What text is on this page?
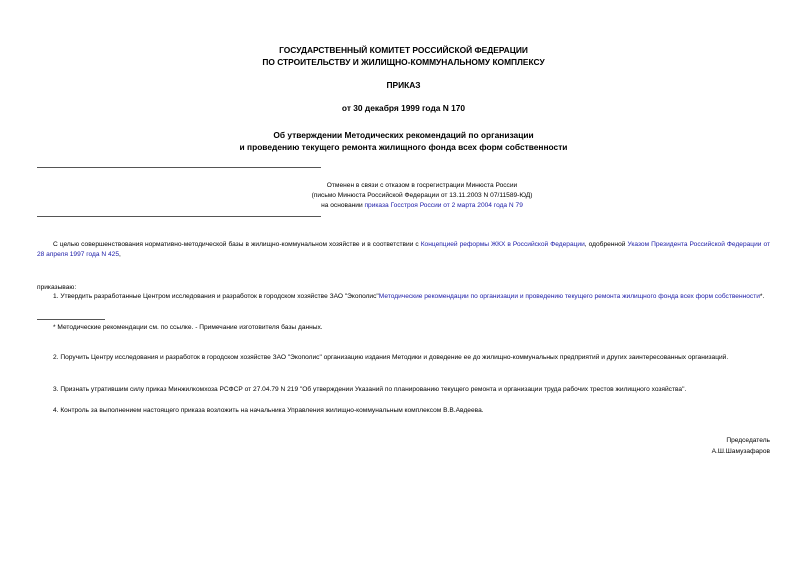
ГОСУДАРСТВЕННЫЙ КОМИТЕТ РОССИЙСКОЙ ФЕДЕРАЦИИ
ПО СТРОИТЕЛЬСТВУ И ЖИЛИЩНО-КОММУНАЛЬНОМУ КОМПЛЕКСУ
ПРИКАЗ
от 30 декабря 1999 года N 170
Об утверждении Методических рекомендаций по организации
и проведению текущего ремонта жилищного фонда всех форм собственности
Отменен в связи с отказом в госрегистрации Минюста России
(письмо Минюста Российской Федерации от 13.11.2003 N 07/11589-ЮД)
на основании приказа Госстроя России от 2 марта 2004 года N 79

С целью совершенствования нормативно-методической базы в жилищно-коммунальном хозяйстве и в соответствии с Концепцией реформы ЖКХ в Российской Федерации, одобренной Указом Президента Российской Федерации от 28 апреля 1997 года N 425,

приказываю:

1. Утвердить разработанные Центром исследования и разработок в городском хозяйстве ЗАО "Экополис"Методические рекомендации по организации и проведению текущего ремонта жилищного фонда всех форм собственности*.

* Методические рекомендации см. по ссылке. - Примечание изготовителя базы данных.

2. Поручить Центру исследования и разработок в городском хозяйстве ЗАО "Экополис" организацию издания Методики и доведение ее до жилищно-коммунальных предприятий и других заинтересованных организаций.

3. Признать утратившим силу приказ Минжилкомхоза РСФСР от 27.04.79 N 219 "Об утверждении Указаний по планированию текущего ремонта и организации труда рабочих трестов жилищного хозяйства".

4. Контроль за выполнением настоящего приказа возложить на начальника Управления жилищно-коммунальным комплексом В.В.Авдеева.

Председатель
А.Ш.Шамузафаров
